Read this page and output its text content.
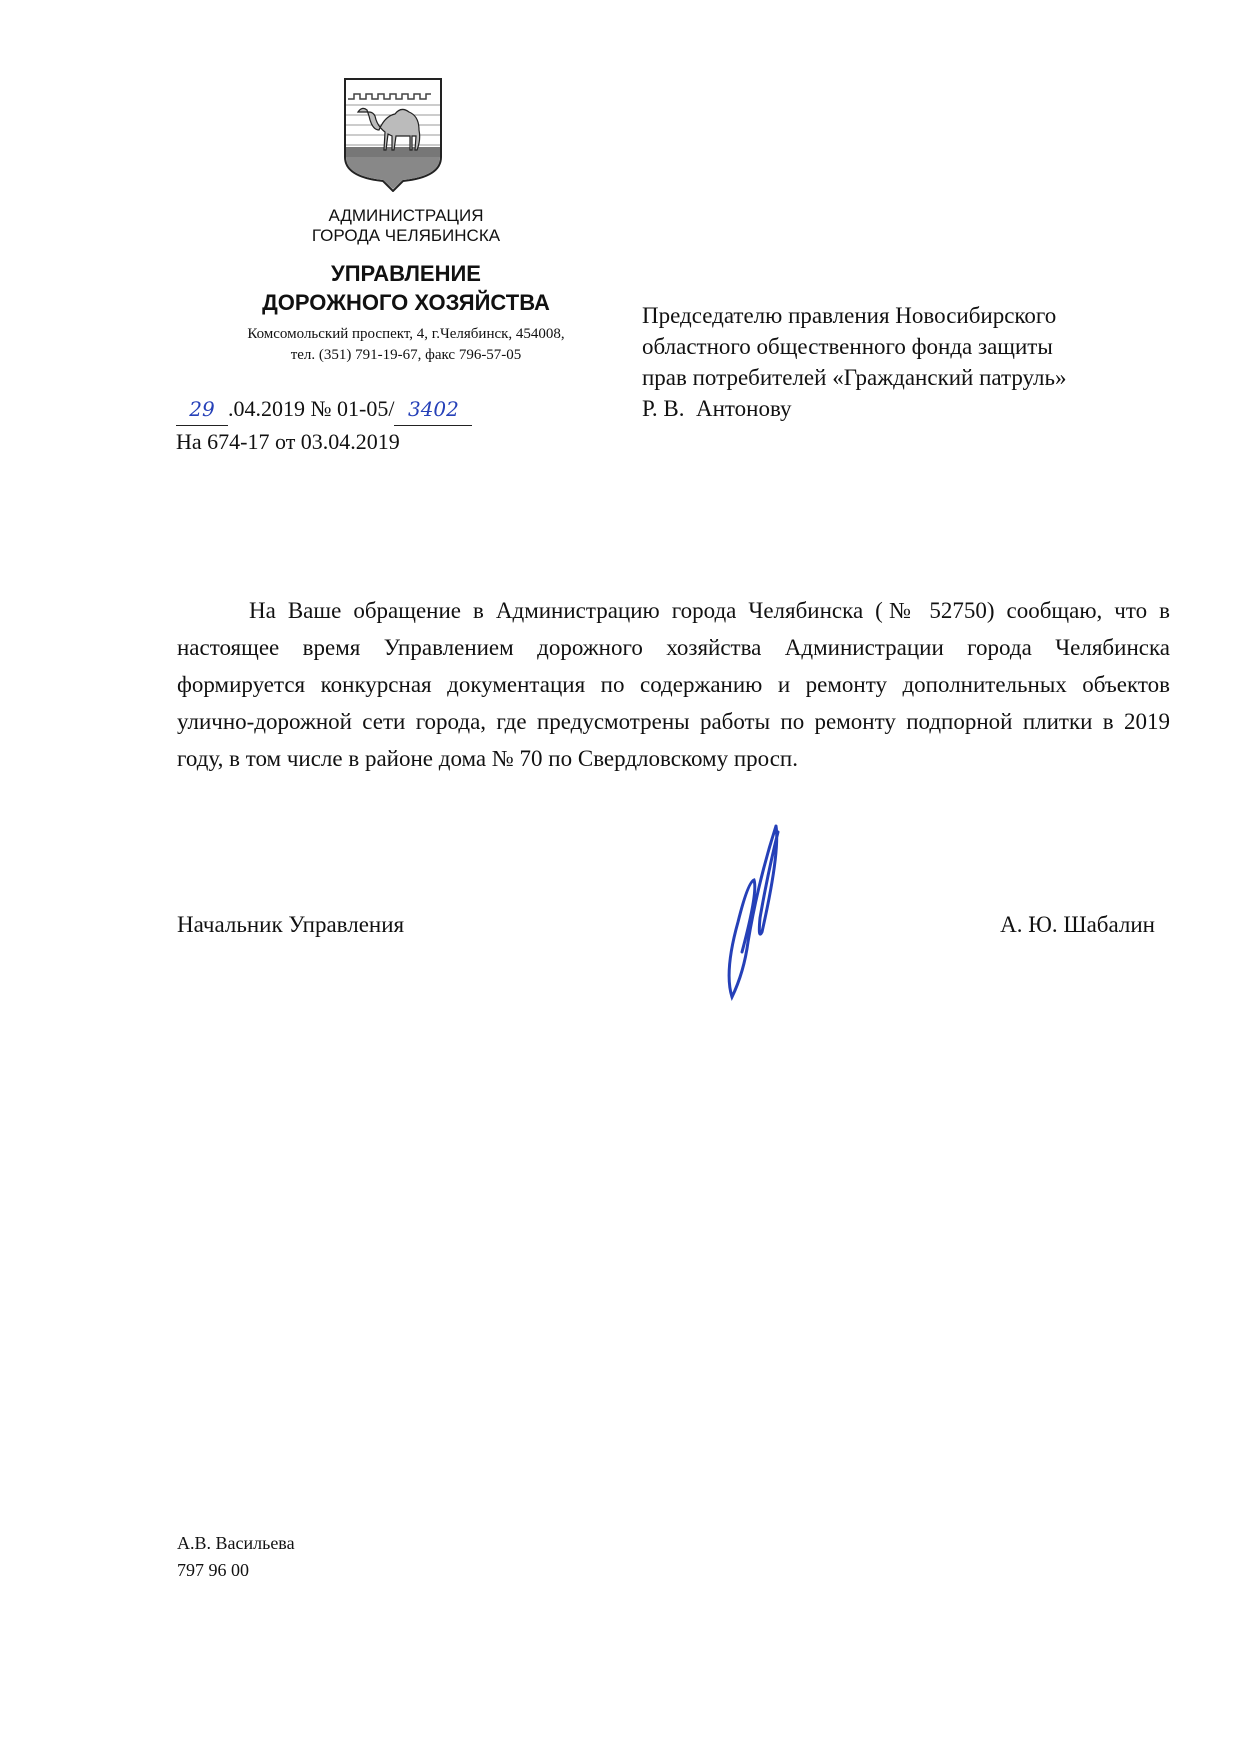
АДМИНИСТРАЦИЯ
ГОРОДА ЧЕЛЯБИНСКА
УПРАВЛЕНИЕ
ДОРОЖНОГО ХОЗЯЙСТВА
Комсомольский проспект, 4, г.Челябинск, 454008,
тел. (351) 791-19-67, факс 796-57-05
29 .04.2019 № 01-05/ 3402
На 674-17 от 03.04.2019
Председателю правления Новосибирского
областного общественного фонда защиты
прав потребителей «Гражданский патруль»
Р. В.  Антонову

На Ваше обращение в Администрацию города Челябинска (№ 52750) сообщаю, что в настоящее время Управлением дорожного хозяйства Администрации города Челябинска формируется конкурсная документация по содержанию и ремонту дополнительных объектов улично-дорожной сети города, где предусмотрены работы по ремонту подпорной плитки в 2019 году, в том числе в районе дома № 70 по Свердловскому просп.

Начальник Управления	А. Ю. Шабалин
А.В. Васильева
797 96 00
